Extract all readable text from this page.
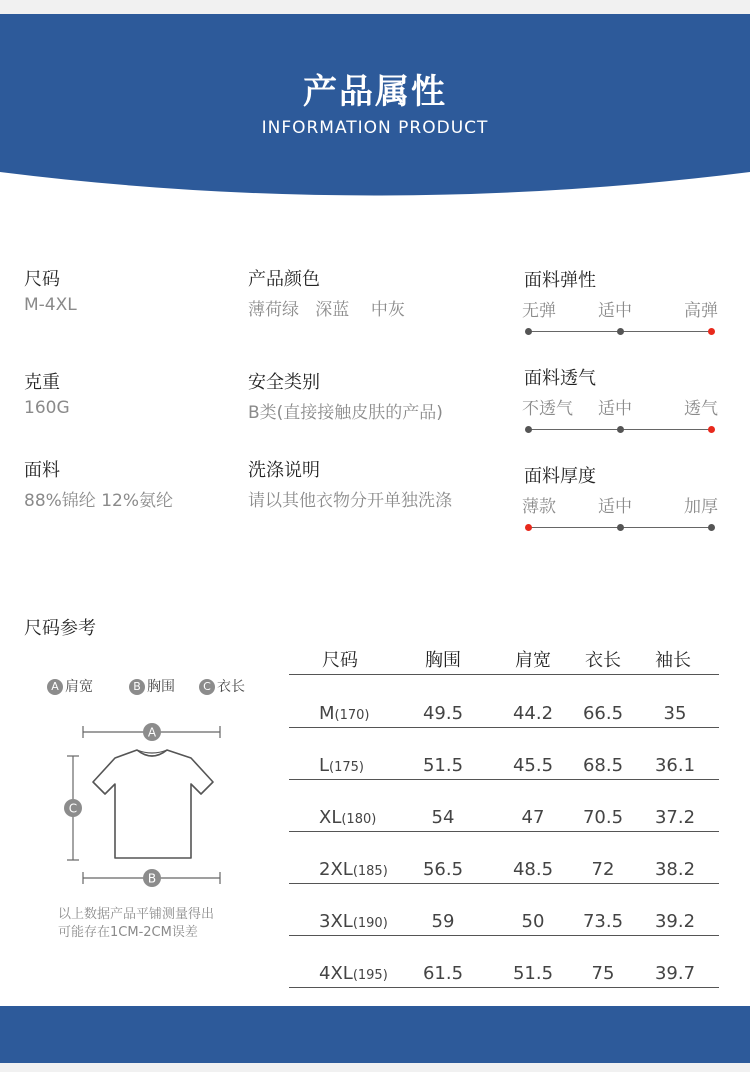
产品属性
INFORMATION PRODUCT
尺码
M-4XL
克重
160G
面料
88%锦纶 12%氨纶
产品颜色
薄荷绿   深蓝    中灰
安全类别
B类(直接接触皮肤的产品)
洗涤说明
请以其他衣物分开单独洗涤
面料弹性
无弹 适中	高弹
面料透气
不透气 适中	透气
面料厚度
薄款 适中	加厚
尺码参考
A 肩宽	B 胸围	C 衣长
A
C
B
以上数据产品平铺测量得出
可能存在1CM-2CM误差
尺码	胸围	肩宽	衣长	袖长
M(170)	49.5	44.2	66.5	35
L(175)	51.5	45.5	68.5	36.1
XL(180)	54	47	70.5	37.2
2XL(185)	56.5	48.5	72	38.2
3XL(190)	59	50	73.5	39.2
4XL(195)	61.5	51.5	75	39.7
